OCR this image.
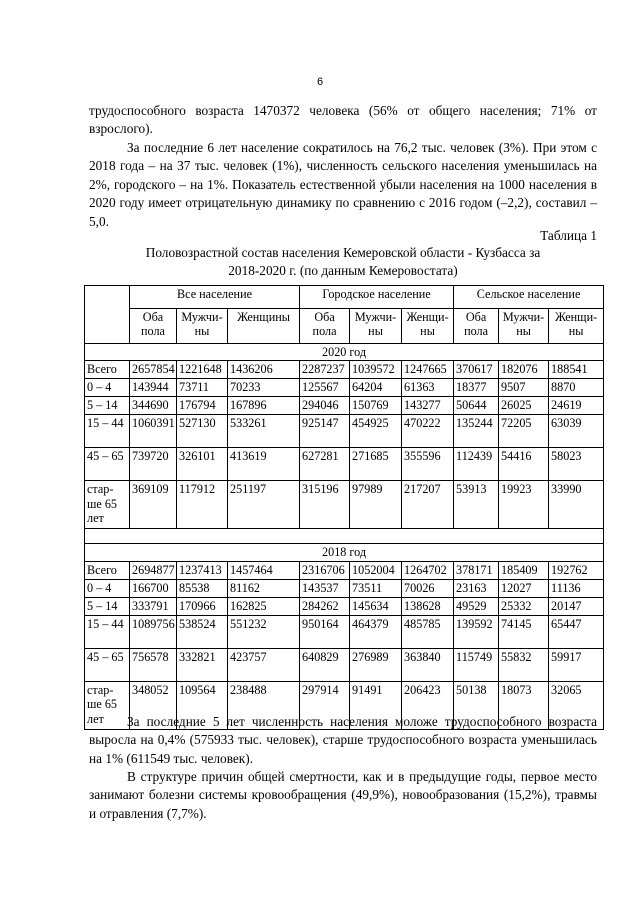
6

трудоспособного возраста 1470372 человека (56% от общего населения; 71% от взрослого).

За последние 6 лет население сократилось на 76,2 тыс. человек (3%). При этом с 2018 года – на 37 тыс. человек (1%), численность сельского населения уменьшилась на 2%, городского – на 1%. Показатель естественной убыли населения на 1000 населения в 2020 году имеет отрицательную динамику по сравнению с 2016 годом (–2,2), составил – 5,0.

Таблица 1
Половозрастной состав населения Кемеровской области - Кузбасса за
2018-2020 г. (по данным Кемеровостата)
	Все население			Городское население			Сельское население		
	Оба пола	Мужчи-ны	Женщины	Оба пола	Мужчи-ны	Женщи-ны	Оба пола	Мужчи-ны	Женщи-ны
2020 год									
Всего	2657854	1221648	1436206	2287237	1039572	1247665	370617	182076	188541
0 – 4	143944	73711	70233	125567	64204	61363	18377	9507	8870
5 – 14	344690	176794	167896	294046	150769	143277	50644	26025	24619
15 – 44	1060391	527130	533261	925147	454925	470222	135244	72205	63039
45 – 65	739720	326101	413619	627281	271685	355596	112439	54416	58023
стар-ше 65 лет	369109	117912	251197	315196	97989	217207	53913	19923	33990

2018 год									
Всего	2694877	1237413	1457464	2316706	1052004	1264702	378171	185409	192762
0 – 4	166700	85538	81162	143537	73511	70026	23163	12027	11136
5 – 14	333791	170966	162825	284262	145634	138628	49529	25332	20147
15 – 44	1089756	538524	551232	950164	464379	485785	139592	74145	65447
45 – 65	756578	332821	423757	640829	276989	363840	115749	55832	59917
стар-ше 65 лет	348052	109564	238488	297914	91491	206423	50138	18073	32065

За последние 5 лет численность населения моложе трудоспособного возраста выросла на 0,4% (575933 тыс. человек), старше трудоспособного возраста уменьшилась на 1% (611549 тыс. человек).

В структуре причин общей смертности, как и в предыдущие годы, первое место занимают болезни системы кровообращения (49,9%), новообразования (15,2%), травмы и отравления (7,7%).
